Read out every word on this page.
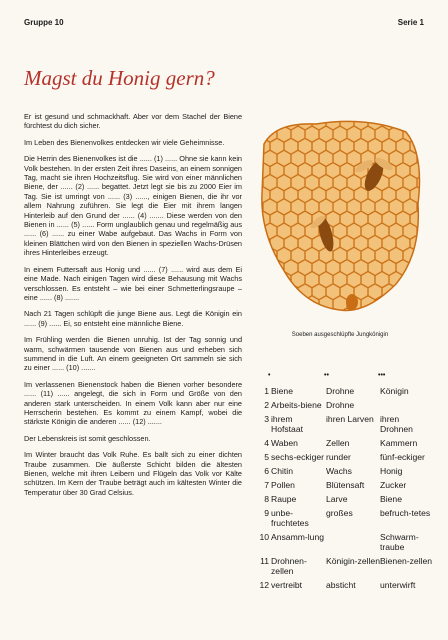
Gruppe 10	Serie 1
Magst du Honig gern?

Er ist gesund und schmackhaft. Aber vor dem Stachel der Biene fürchtest du dich sicher.

Im Leben des Bienenvolkes entdecken wir viele Geheimnisse.

Die Herrin des Bienenvolkes ist die ...... (1) ...... Ohne sie kann kein Volk bestehen. In der ersten Zeit ihres Daseins, an einem sonnigen Tag, macht sie ihren Hochzeitsflug. Sie wird von einer männlichen Biene, der ...... (2) ...... begattet. Jetzt legt sie bis zu 2000 Eier im Tag. Sie ist umringt von ...... (3) ......, einigen Bienen, die ihr vor allem Nahrung zuführen. Sie legt die Eier mit ihrem langen Hinterleib auf den Grund der ...... (4) ....... Diese werden von den Bienen in ...... (5) ...... Form unglaublich genau und regelmäßig aus ...... (6) ...... zu einer Wabe aufgebaut. Das Wachs in Form von kleinen Blättchen wird von den Bienen in speziellen Wachs-Drüsen ihres Hinterleibes erzeugt.

In einem Futtersaft aus Honig und ...... (7) ...... wird aus dem Ei eine Made. Nach einigen Tagen wird diese Behausung mit Wachs verschlossen. Es entsteht – wie bei einer Schmetterlingsraupe – eine ...... (8) .......

Nach 21 Tagen schlüpft die junge Biene aus. Legt die Königin ein ...... (9) ...... Ei, so entsteht eine männliche Biene.

Im Frühling werden die Bienen unruhig. Ist der Tag sonnig und warm, schwärmen tausende von Bienen aus und erheben sich summend in die Luft. An einem geeigneten Ort sammeln sie sich zu einer ...... (10) .......

Im verlassenen Bienenstock haben die Bienen vorher besondere ...... (11) ...... angelegt, die sich in Form und Größe von den anderen stark unterscheiden. In einem Volk kann aber nur eine Herrscherin bestehen. Es kommt zu einem Kampf, wobei die stärkste Königin die anderen ...... (12) .......

Der Lebenskreis ist somit geschlossen.

Im Winter braucht das Volk Ruhe. Es ballt sich zu einer dichten Traube zusammen. Die äußerste Schicht bilden die ältesten Bienen, welche mit ihren Leibern und Flügeln das Volk vor Kälte schützen. Im Kern der Traube beträgt auch im kältesten Winter die Temperatur über 30 Grad Celsius.

Soeben ausgeschlüpfte Jungkönigin
•	••	•••
1	Biene	Drohne	Königin
2	Arbeits-biene	Drohne	
3	ihrem Hofstaat	ihren Larven	ihren Drohnen
4	Waben	Zellen	Kammern
5	sechs-eckiger	runder	fünf-eckiger
6	Chitin	Wachs	Honig
7	Pollen	Blütensaft	Zucker
8	Raupe	Larve	Biene
9	unbe-fruchtetes	großes	befruch-tetes
10	Ansamm-lung		Schwarm-traube
11	Drohnen-zellen	Königin-zellen	Bienen-zellen
12	vertreibt	absticht	unterwirft
